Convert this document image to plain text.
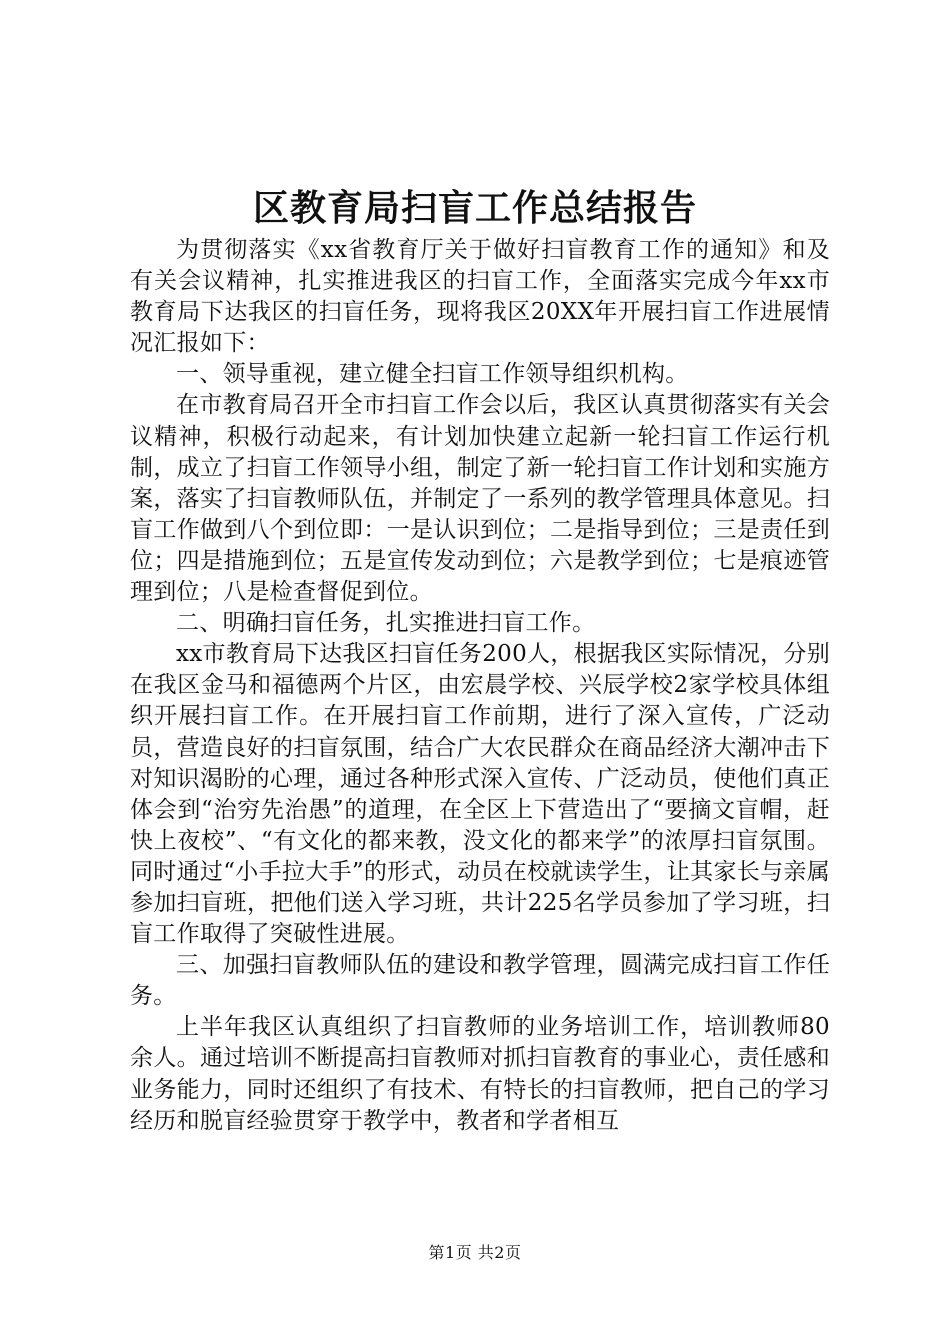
区教育局扫盲工作总结报告

为贯彻落实《xx省教育厅关于做好扫盲教育工作的通知》和及有关会议精神，扎实推进我区的扫盲工作，全面落实完成今年xx市教育局下达我区的扫盲任务，现将我区20XX年开展扫盲工作进展情况汇报如下：

一、领导重视，建立健全扫盲工作领导组织机构。

在市教育局召开全市扫盲工作会以后，我区认真贯彻落实有关会议精神，积极行动起来，有计划加快建立起新一轮扫盲工作运行机制，成立了扫盲工作领导小组，制定了新一轮扫盲工作计划和实施方案，落实了扫盲教师队伍，并制定了一系列的教学管理具体意见。扫盲工作做到八个到位即：一是认识到位；二是指导到位；三是责任到位；四是措施到位；五是宣传发动到位；六是教学到位；七是痕迹管理到位；八是检查督促到位。

二、明确扫盲任务，扎实推进扫盲工作。

xx市教育局下达我区扫盲任务200人，根据我区实际情况，分别在我区金马和福德两个片区，由宏晨学校、兴辰学校2家学校具体组织开展扫盲工作。在开展扫盲工作前期，进行了深入宣传，广泛动员，营造良好的扫盲氛围，结合广大农民群众在商品经济大潮冲击下对知识渴盼的心理，通过各种形式深入宣传、广泛动员，使他们真正体会到“治穷先治愚”的道理，在全区上下营造出了“要摘文盲帽，赶快上夜校”、“有文化的都来教，没文化的都来学”的浓厚扫盲氛围。同时通过“小手拉大手”的形式，动员在校就读学生，让其家长与亲属参加扫盲班，把他们送入学习班，共计225名学员参加了学习班，扫盲工作取得了突破性进展。

三、加强扫盲教师队伍的建设和教学管理，圆满完成扫盲工作任务。

上半年我区认真组织了扫盲教师的业务培训工作，培训教师80余人。通过培训不断提高扫盲教师对抓扫盲教育的事业心，责任感和业务能力，同时还组织了有技术、有特长的扫盲教师，把自己的学习经历和脱盲经验贯穿于教学中，教者和学者相互

第1页 共2页
